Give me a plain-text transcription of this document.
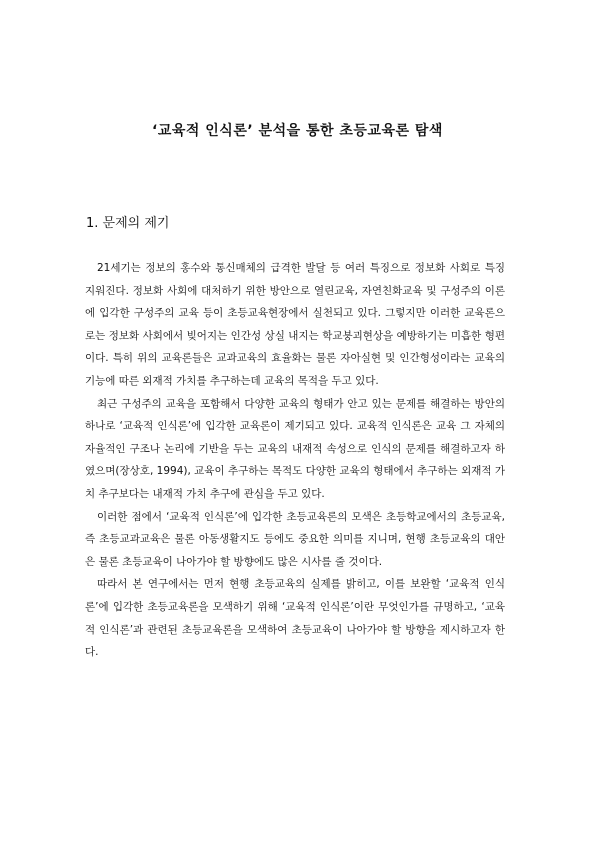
‘교육적 인식론’ 분석을 통한 초등교육론 탐색
1. 문제의 제기

21세기는 정보의 홍수와 통신매체의 급격한 발달 등 여러 특징으로 정보화 사회로 특징 지워진다. 정보화 사회에 대처하기 위한 방안으로 열린교육, 자연친화교육 및 구성주의 이론에 입각한 구성주의 교육 등이 초등교육현장에서 실천되고 있다. 그렇지만 이러한 교육론으로는 정보화 사회에서 빚어지는 인간성 상실 내지는 학교붕괴현상을 예방하기는 미흡한 형편이다. 특히 위의 교육론들은 교과교육의 효율화는 물론 자아실현 및 인간형성이라는 교육의 기능에 따른 외재적 가치를 추구하는데 교육의 목적을 두고 있다.

최근 구성주의 교육을 포함해서 다양한 교육의 형태가 안고 있는 문제를 해결하는 방안의 하나로 ‘교육적 인식론’에 입각한 교육론이 제기되고 있다. 교육적 인식론은 교육 그 자체의 자율적인 구조나 논리에 기반을 두는 교육의 내재적 속성으로 인식의 문제를 해결하고자 하였으며(장상호, 1994), 교육이 추구하는 목적도 다양한 교육의 형태에서 추구하는 외재적 가치 추구보다는 내재적 가치 추구에 관심을 두고 있다.

이러한 점에서 ‘교육적 인식론’에 입각한 초등교육론의 모색은 초등학교에서의 초등교육, 즉 초등교과교육은 물론 아동생활지도 등에도 중요한 의미를 지니며, 현행 초등교육의 대안은 물론 초등교육이 나아가야 할 방향에도 많은 시사를 줄 것이다.

따라서 본 연구에서는 먼저 현행 초등교육의 실제를 밝히고, 이를 보완할 ‘교육적 인식론’에 입각한 초등교육론을 모색하기 위해 ‘교육적 인식론’이란 무엇인가를 규명하고, ‘교육적 인식론’과 관련된 초등교육론을 모색하여 초등교육이 나아가야 할 방향을 제시하고자 한다.
